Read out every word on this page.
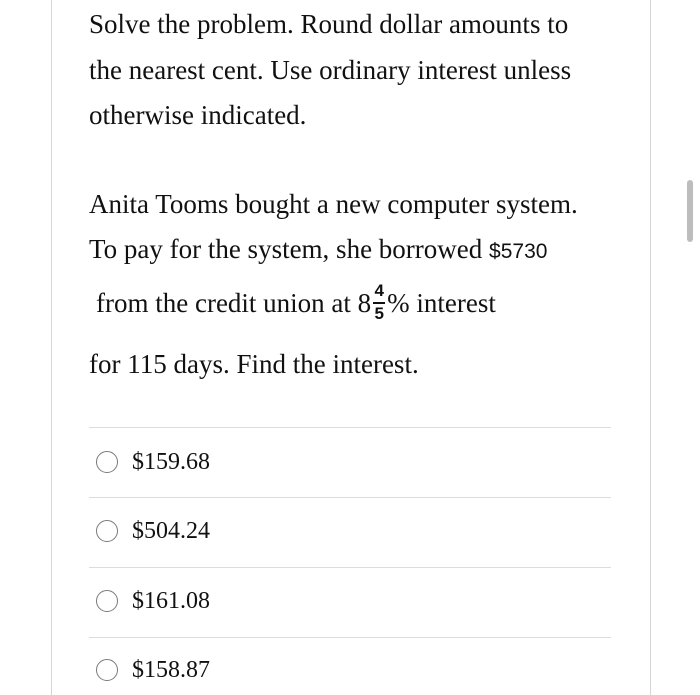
Solve the problem. Round dollar amounts to
the nearest cent. Use ordinary interest unless
otherwise indicated.
Anita Tooms bought a new computer system.
To pay for the system, she borrowed $5730
from the credit union at $8 \frac{4}{5}$ % interest
for 115 days. Find the interest.
$159.68
$504.24
$161.08
$158.87
